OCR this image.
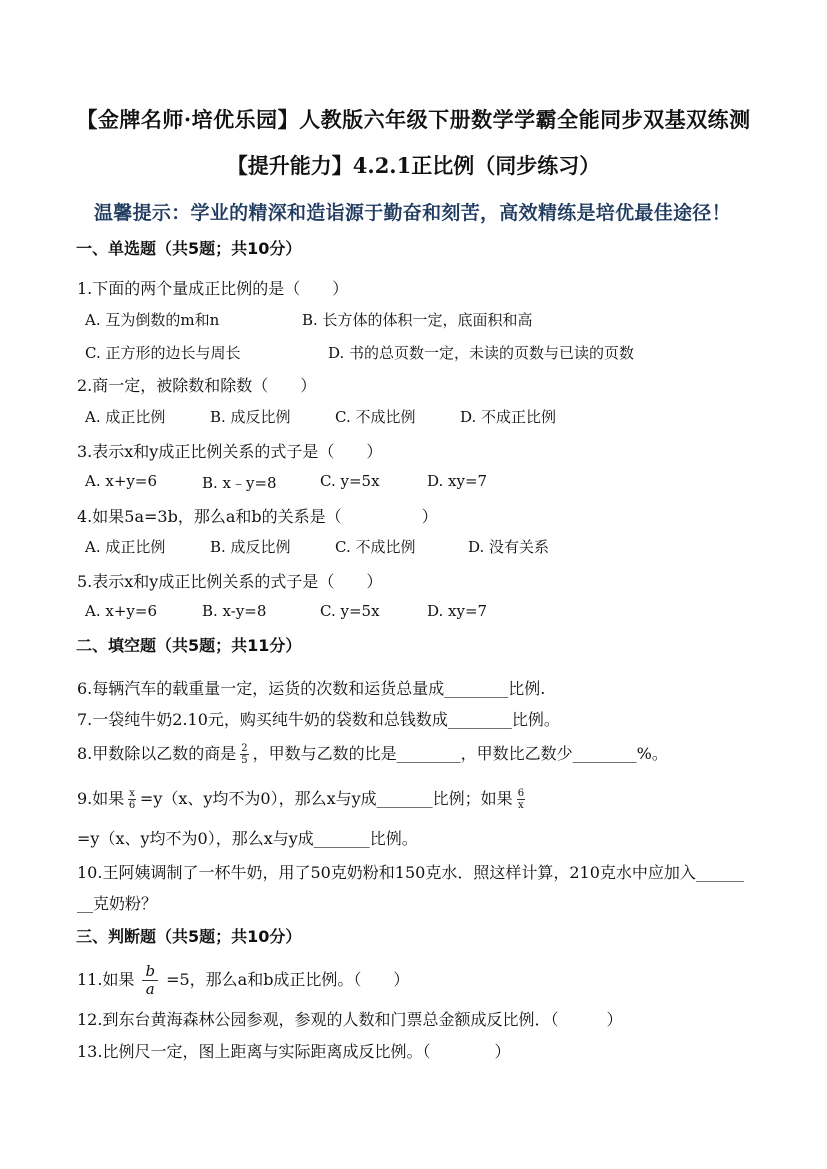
【金牌名师·培优乐园】人教版六年级下册数学学霸全能同步双基双练测
【提升能力】4.2.1正比例（同步练习）
温馨提示：学业的精深和造诣源于勤奋和刻苦，高效精练是培优最佳途径！
一、单选题（共5题；共10分）
1.下面的两个量成正比例的是（　　）
A. 互为倒数的m和n	B. 长方体的体积一定，底面积和高
C. 正方形的边长与周长	D. 书的总页数一定，未读的页数与已读的页数
2.商一定，被除数和除数（　　）
A. 成正比例	B. 成反比例	C. 不成比例	D. 不成正比例
3.表示x和y成正比例关系的式子是（　　）
A. x+y=6	B. x﹣y=8	C. y=5x	D. xy=7
4.如果5a=3b，那么a和b的关系是（　　　　　）
A. 成正比例	B. 成反比例	C. 不成比例	D. 没有关系
5.表示x和y成正比例关系的式子是（　　）
A. x+y=6	B. x-y=8	C. y=5x	D. xy=7
二、填空题（共5题；共11分）
6.每辆汽车的载重量一定，运货的次数和运货总量成________比例.
7.一袋纯牛奶2.10元，购买纯牛奶的袋数和总钱数成________比例。
8.甲数除以乙数的商是 $\frac{2}{5}$ ，甲数与乙数的比是________，甲数比乙数少________%。
9.如果 $\frac{x}{6} =y(x$、y均不为0），那么x与y成_______比例；如果 $\frac{6}{x}$
=y（x、y均不为0），那么x与y成_______比例。
10.王阿姨调制了一杯牛奶，用了50克奶粉和150克水．照这样计算，210克水中应加入______
__克奶粉？
三、判断题（共5题；共10分）
11.如果 $\frac{b}{a} =5$，那么a和b成正比例。（　　）
12.到东台黄海森林公园参观，参观的人数和门票总金额成反比例．（　　　）
13.比例尺一定，图上距离与实际距离成反比例。（　　　　）
